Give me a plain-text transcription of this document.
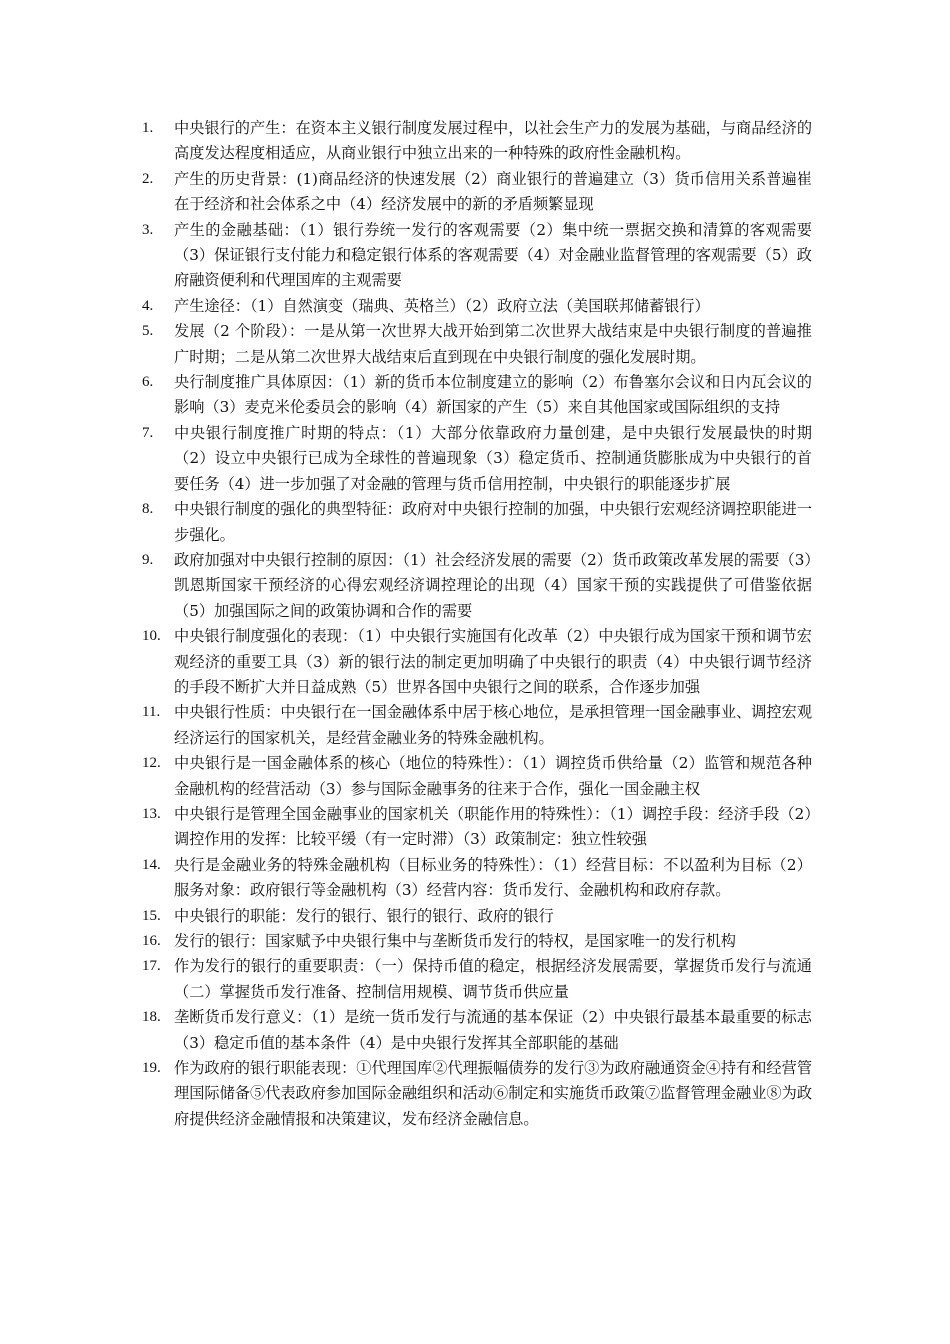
1. 中央银行的产生：在资本主义银行制度发展过程中，以社会生产力的发展为基础，与商品经济的高度发达程度相适应，从商业银行中独立出来的一种特殊的政府性金融机构。
2. 产生的历史背景：(1)商品经济的快速发展（2）商业银行的普遍建立（3）货币信用关系普遍崔在于经济和社会体系之中（4）经济发展中的新的矛盾频繁显现
3. 产生的金融基础：（1）银行券统一发行的客观需要（2）集中统一票据交换和清算的客观需要（3）保证银行支付能力和稳定银行体系的客观需要（4）对金融业监督管理的客观需要（5）政府融资便利和代理国库的主观需要
4. 产生途径：（1）自然演变（瑞典、英格兰）（2）政府立法（美国联邦储蓄银行）
5. 发展（2 个阶段）：一是从第一次世界大战开始到第二次世界大战结束是中央银行制度的普遍推广时期；二是从第二次世界大战结束后直到现在中央银行制度的强化发展时期。
6. 央行制度推广具体原因：（1）新的货币本位制度建立的影响（2）布鲁塞尔会议和日内瓦会议的影响（3）麦克米伦委员会的影响（4）新国家的产生（5）来自其他国家或国际组织的支持
7. 中央银行制度推广时期的特点：（1）大部分依靠政府力量创建，是中央银行发展最快的时期（2）设立中央银行已成为全球性的普遍现象（3）稳定货币、控制通货膨胀成为中央银行的首要任务（4）进一步加强了对金融的管理与货币信用控制，中央银行的职能逐步扩展
8. 中央银行制度的强化的典型特征：政府对中央银行控制的加强，中央银行宏观经济调控职能进一步强化。
9. 政府加强对中央银行控制的原因：（1）社会经济发展的需要（2）货币政策改革发展的需要（3）凯恩斯国家干预经济的心得宏观经济调控理论的出现（4）国家干预的实践提供了可借鉴依据（5）加强国际之间的政策协调和合作的需要
10. 中央银行制度强化的表现：（1）中央银行实施国有化改革（2）中央银行成为国家干预和调节宏观经济的重要工具（3）新的银行法的制定更加明确了中央银行的职责（4）中央银行调节经济的手段不断扩大并日益成熟（5）世界各国中央银行之间的联系，合作逐步加强
11. 中央银行性质：中央银行在一国金融体系中居于核心地位，是承担管理一国金融事业、调控宏观经济运行的国家机关，是经营金融业务的特殊金融机构。
12. 中央银行是一国金融体系的核心（地位的特殊性）：（1）调控货币供给量（2）监管和规范各种金融机构的经营活动（3）参与国际金融事务的往来于合作，强化一国金融主权
13. 中央银行是管理全国金融事业的国家机关（职能作用的特殊性）：（1）调控手段：经济手段（2）调控作用的发挥：比较平缓（有一定时滞）（3）政策制定：独立性较强
14. 央行是金融业务的特殊金融机构（目标业务的特殊性）：（1）经营目标：不以盈利为目标（2）服务对象：政府银行等金融机构（3）经营内容：货币发行、金融机构和政府存款。
15. 中央银行的职能：发行的银行、银行的银行、政府的银行
16. 发行的银行：国家赋予中央银行集中与垄断货币发行的特权，是国家唯一的发行机构
17. 作为发行的银行的重要职责：（一）保持币值的稳定，根据经济发展需要，掌握货币发行与流通（二）掌握货币发行准备、控制信用规模、调节货币供应量
18. 垄断货币发行意义：（1）是统一货币发行与流通的基本保证（2）中央银行最基本最重要的标志（3）稳定币值的基本条件（4）是中央银行发挥其全部职能的基础
19. 作为政府的银行职能表现：①代理国库②代理振幅债券的发行③为政府融通资金④持有和经营管理国际储备⑤代表政府参加国际金融组织和活动⑥制定和实施货币政策⑦监督管理金融业⑧为政府提供经济金融情报和决策建议，发布经济金融信息。
